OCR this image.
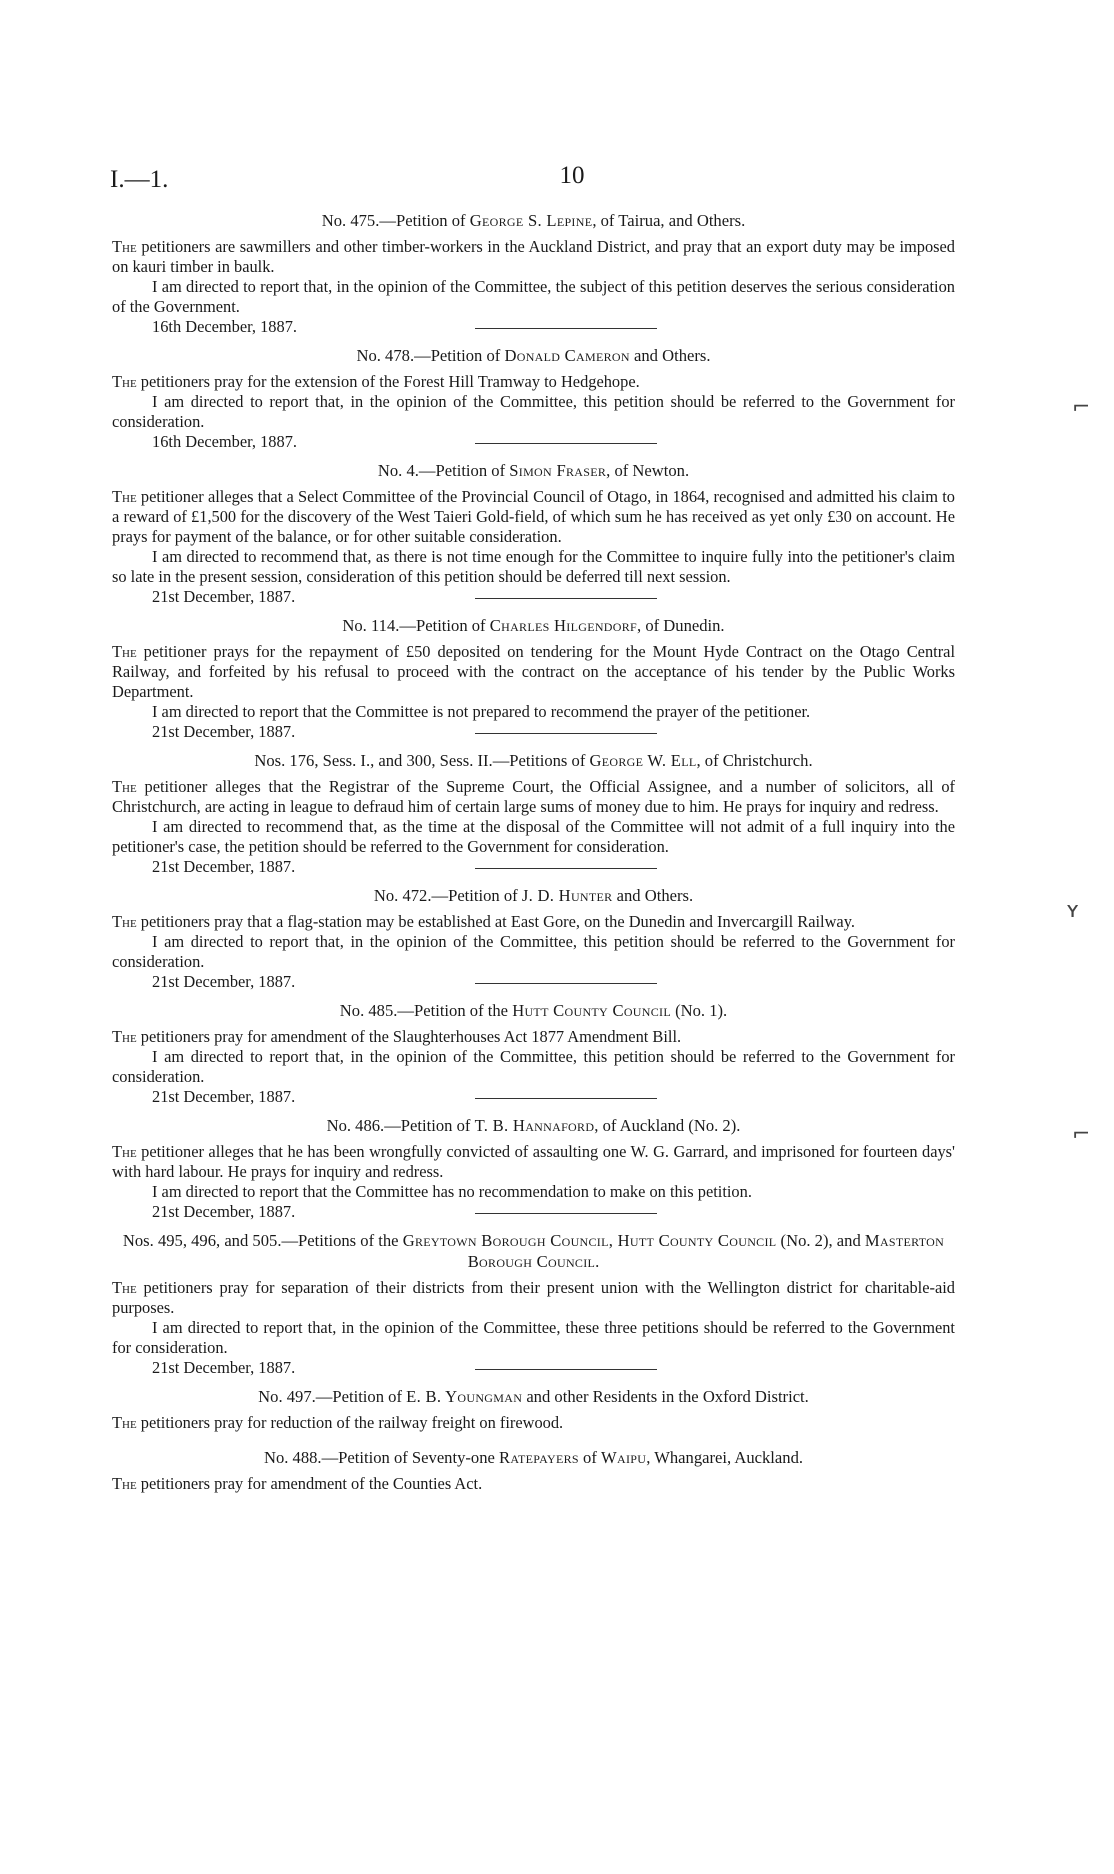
I.—1.	10

No. 475.—Petition of George S. Lepine, of Tairua, and Others.

The petitioners are sawmillers and other timber-workers in the Auckland District, and pray that an export duty may be imposed on kauri timber in baulk.

I am directed to report that, in the opinion of the Committee, the subject of this petition deserves the serious consideration of the Government.

16th December, 1887.

No. 478.—Petition of Donald Cameron and Others.

The petitioners pray for the extension of the Forest Hill Tramway to Hedgehope.

I am directed to report that, in the opinion of the Committee, this petition should be referred to the Government for consideration.

16th December, 1887.

No. 4.—Petition of Simon Fraser, of Newton.

The petitioner alleges that a Select Committee of the Provincial Council of Otago, in 1864, recognised and admitted his claim to a reward of £1,500 for the discovery of the West Taieri Gold-field, of which sum he has received as yet only £30 on account. He prays for payment of the balance, or for other suitable consideration.

I am directed to recommend that, as there is not time enough for the Committee to inquire fully into the petitioner's claim so late in the present session, consideration of this petition should be deferred till next session.

21st December, 1887.

No. 114.—Petition of Charles Hilgendorf, of Dunedin.

The petitioner prays for the repayment of £50 deposited on tendering for the Mount Hyde Contract on the Otago Central Railway, and forfeited by his refusal to proceed with the contract on the acceptance of his tender by the Public Works Department.

I am directed to report that the Committee is not prepared to recommend the prayer of the petitioner.

21st December, 1887.

Nos. 176, Sess. I., and 300, Sess. II.—Petitions of George W. Ell, of Christchurch.

The petitioner alleges that the Registrar of the Supreme Court, the Official Assignee, and a number of solicitors, all of Christchurch, are acting in league to defraud him of certain large sums of money due to him. He prays for inquiry and redress.

I am directed to recommend that, as the time at the disposal of the Committee will not admit of a full inquiry into the petitioner's case, the petition should be referred to the Government for consideration.

21st December, 1887.

No. 472.—Petition of J. D. Hunter and Others.

The petitioners pray that a flag-station may be established at East Gore, on the Dunedin and Invercargill Railway.

I am directed to report that, in the opinion of the Committee, this petition should be referred to the Government for consideration.

21st December, 1887.

No. 485.—Petition of the Hutt County Council (No. 1).

The petitioners pray for amendment of the Slaughterhouses Act 1877 Amendment Bill.

I am directed to report that, in the opinion of the Committee, this petition should be referred to the Government for consideration.

21st December, 1887.

No. 486.—Petition of T. B. Hannaford, of Auckland (No. 2).

The petitioner alleges that he has been wrongfully convicted of assaulting one W. G. Garrard, and imprisoned for fourteen days' with hard labour. He prays for inquiry and redress.

I am directed to report that the Committee has no recommendation to make on this petition.

21st December, 1887.

Nos. 495, 496, and 505.—Petitions of the Greytown Borough Council, Hutt County Council (No. 2), and Masterton Borough Council.

The petitioners pray for separation of their districts from their present union with the Wellington district for charitable-aid purposes.

I am directed to report that, in the opinion of the Committee, these three petitions should be referred to the Government for consideration.

21st December, 1887.

No. 497.—Petition of E. B. Youngman and other Residents in the Oxford District.

The petitioners pray for reduction of the railway freight on firewood.

No. 488.—Petition of Seventy-one Ratepayers of Waipu, Whangarei, Auckland.

The petitioners pray for amendment of the Counties Act.

⌐
ʏ
⌐
